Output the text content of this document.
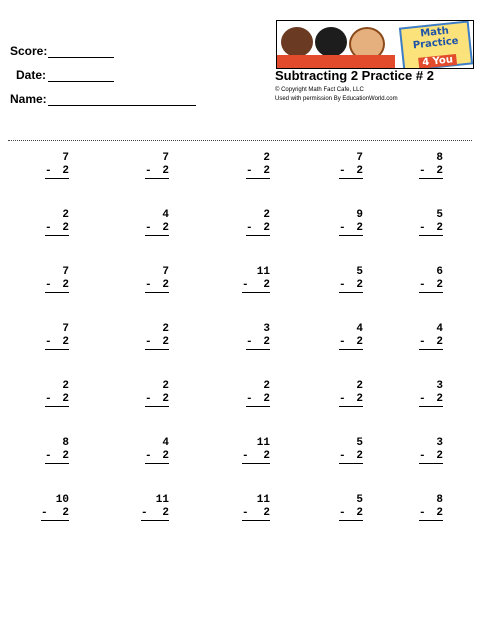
Score:
Date:
Name:
Math
Practice
4 You
Subtracting 2 Practice # 2
© Copyright Math Fact Cafe, LLC
Used with permission By EducationWorld.com
7
- 2
7
- 2
2
- 2
7
- 2
8
- 2
2
- 2
4
- 2
2
- 2
9
- 2
5
- 2
7
- 2
7
- 2
11
- 2
5
- 2
6
- 2
7
- 2
2
- 2
3
- 2
4
- 2
4
- 2
2
- 2
2
- 2
2
- 2
2
- 2
3
- 2
8
- 2
4
- 2
11
- 2
5
- 2
3
- 2
10
- 2
11
- 2
11
- 2
5
- 2
8
- 2
